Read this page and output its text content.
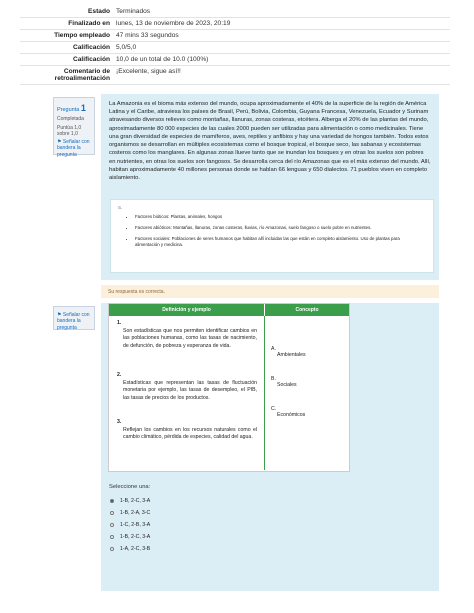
Estado Terminados
Finalizado en lunes, 13 de noviembre de 2023, 20:19
Tiempo empleado 47 mins 33 segundos
Calificación 5,0/5,0
Calificación 10,0 de un total de 10.0 (100%)
Comentario de retroalimentación
¡Excelente, sigue así!!

Pregunta 1

Completada

Puntúa 1,0 sobre 1,0

⚑ Señalar con bandera la pregunta

La Amazonia es el bioma más extenso del mundo, ocupa aproximadamente el 40% de la superficie de la región de América Latina y el Caribe, atraviesa los países de Brasil, Perú, Bolivia, Colombia, Guyana Francesa, Venezuela, Ecuador y Surinam atravesando diversos relieves como montañas, llanuras, zonas costeras, etcétera. Alberga el 20% de las plantas del mundo, aproximadamente 80 000 especies de las cuales 2000 pueden ser utilizadas para alimentación o como medicinales. Tiene una gran diversidad de especies de mamíferos, aves, reptiles y anfibios y hay una variedad de hongos también. Todos estos organismos se desarrollan en múltiples ecosistemas como el bosque tropical, el bosque seco, las sabanas y ecosistemas costeros como los manglares. En algunas zonas llueve tanto que se inundan los bosques y en otras los suelos son pobres en nutrientes, en otras los suelos son fangosos. Se desarrolla cerca del río Amazonas que es el más extenso del mundo. Allí, habitan aproximadamente 40 millones personas donde se hablan 66 lenguas y 650 dialectos. 71 pueblos viven en completo aislamiento.
a.
• Factores bióticos: Plantas, animales, hongos
• Factores abióticos: Montañas, llanuras, zonas costeras, lluvias, río Amazonas, suelo fangoso o suelo pobre en nutrientes.
• Factores sociales: Poblaciones de seres humanos que habitan allí incluidas las que están en completo aislamiento. Uso de plantas para alimentación y medicina.
Su respuesta es correcta.

⚑ Señalar con bandera la pregunta

Definición y ejemplo	Concepto
1.
Son estadísticas que nos permiten identificar cambios en las poblaciones humanas, como las tasas de nacimiento, de defunción, de pobreza y esperanza de vida.
2.
Estadísticas que representan las tasas de fluctuación monetaria por ejemplo, las tasas de desempleo, el PIB, las tasas de precios de los productos.
3.
Reflejan los cambios en los recursos naturales como el cambio climático, pérdida de especies, calidad del agua.
A.
Ambientales
B.
Sociales
C.
Económicos
Seleccione una:
1-B, 2-C, 3-A
1-B, 2-A, 3-C
1-C, 2-B, 3-A
1-B, 2-C, 3-A
1-A, 2-C, 3-B
